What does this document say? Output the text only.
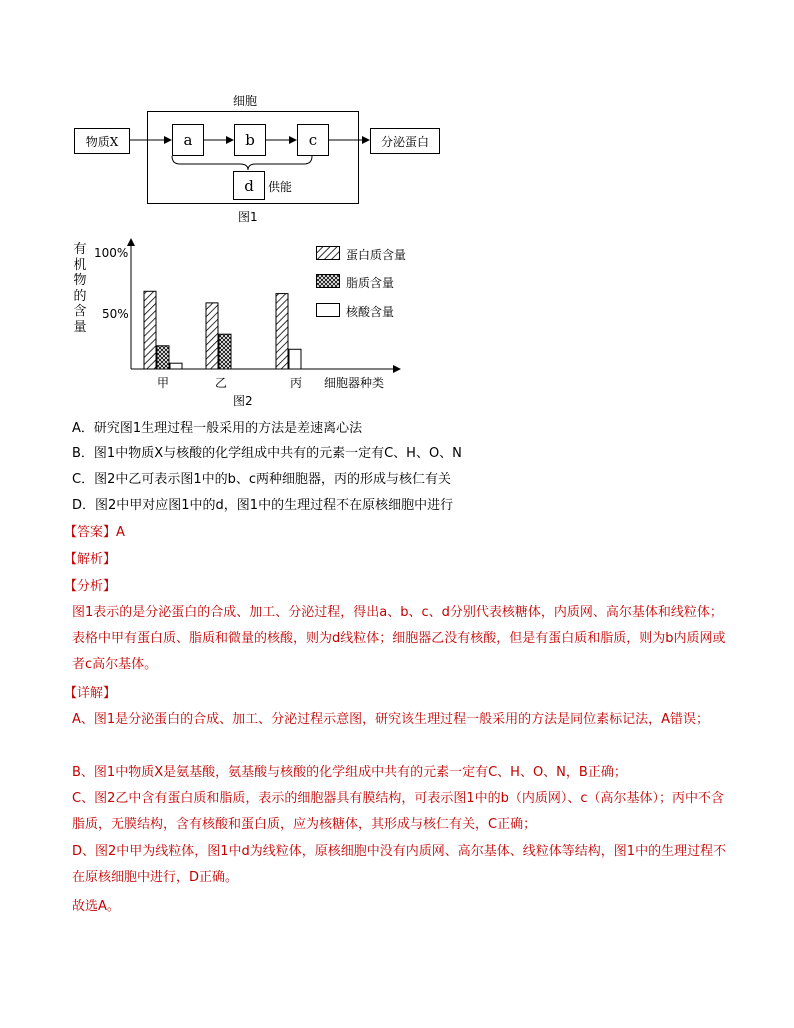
细胞
物质X	a	b	c
d 供能
分泌蛋白
图1
有
机
物
的
含
量
100%
50%
甲	乙	丙 细胞器种类
蛋白质含量
脂质含量
核酸含量
图2
A．研究图1生理过程一般采用的方法是差速离心法
B．图1中物质X与核酸的化学组成中共有的元素一定有C、H、O、N
C．图2中乙可表示图1中的b、c两种细胞器，丙的形成与核仁有关
D．图2中甲对应图1中的d，图1中的生理过程不在原核细胞中进行
【答案】A
【解析】
【分析】
图1表示的是分泌蛋白的合成、加工、分泌过程，得出a、b、c、d分别代表核糖体，内质网、高尔基体和线粒体；表格中甲有蛋白质、脂质和微量的核酸，则为d线粒体；细胞器乙没有核酸，但是有蛋白质和脂质，则为b内质网或者c高尔基体。
【详解】
A、图1是分泌蛋白的合成、加工、分泌过程示意图，研究该生理过程一般采用的方法是同位素标记法，A错误；
B、图1中物质X是氨基酸，氨基酸与核酸的化学组成中共有的元素一定有C、H、O、N，B正确；
C、图2乙中含有蛋白质和脂质，表示的细胞器具有膜结构，可表示图1中的b（内质网）、c（高尔基体）；丙中不含脂质，无膜结构，含有核酸和蛋白质，应为核糖体，其形成与核仁有关，C正确；
D、图2中甲为线粒体，图1中d为线粒体，原核细胞中没有内质网、高尔基体、线粒体等结构，图1中的生理过程不在原核细胞中进行，D正确。
故选A。
